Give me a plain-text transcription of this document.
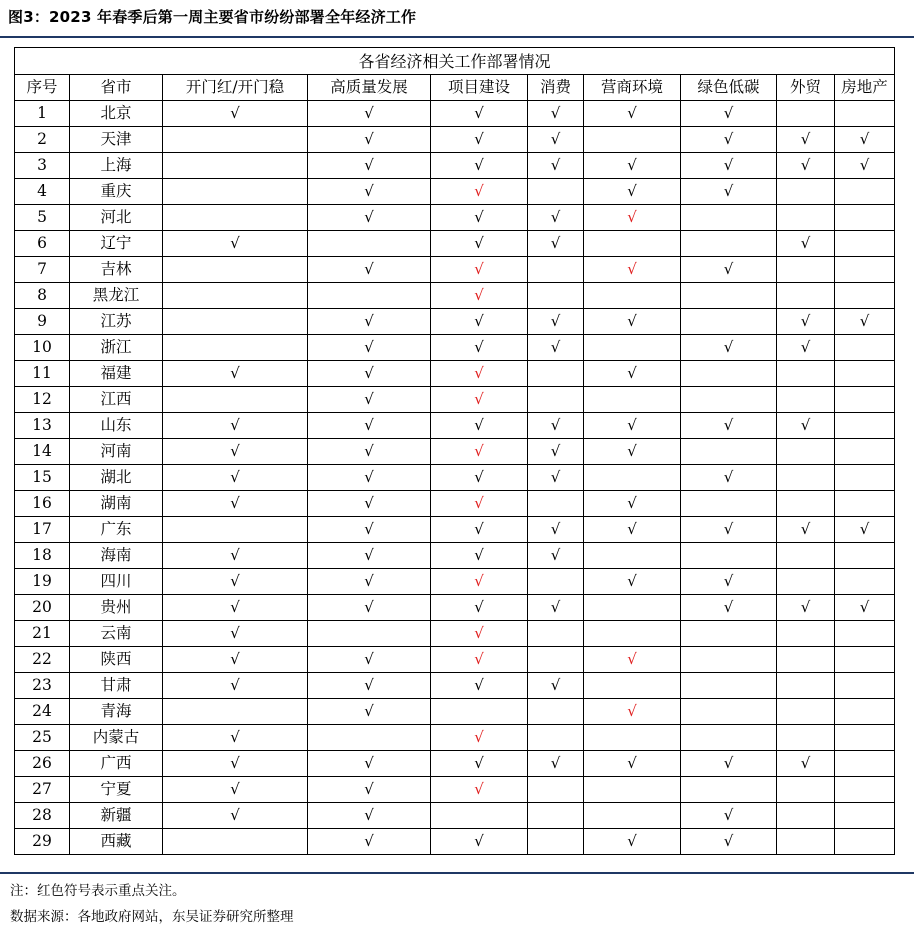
图3：2023 年春季后第一周主要省市纷纷部署全年经济工作
各省经济相关工作部署情况									
序号	省市	开门红/开门稳	高质量发展	项目建设	消费	营商环境	绿色低碳	外贸	房地产
1	北京	√	√	√	√	√	√		
2	天津		√	√	√		√	√	√
3	上海		√	√	√	√	√	√	√
4	重庆		√	√		√	√		
5	河北		√	√	√	√			
6	辽宁	√		√	√			√	
7	吉林		√	√		√	√		
8	黑龙江			√					
9	江苏		√	√	√	√		√	√
10	浙江		√	√	√		√	√	
11	福建	√	√	√		√			
12	江西		√	√					
13	山东	√	√	√	√	√	√	√	
14	河南	√	√	√	√	√			
15	湖北	√	√	√	√		√		
16	湖南	√	√	√		√			
17	广东		√	√	√	√	√	√	√
18	海南	√	√	√	√				
19	四川	√	√	√		√	√		
20	贵州	√	√	√	√		√	√	√
21	云南	√		√					
22	陕西	√	√	√		√			
23	甘肃	√	√	√	√				
24	青海		√			√			
25	内蒙古	√		√					
26	广西	√	√	√	√	√	√	√	
27	宁夏	√	√	√					
28	新疆	√	√				√		
29	西藏		√	√		√	√		
注：红色符号表示重点关注。
数据来源：各地政府网站，东吴证券研究所整理
